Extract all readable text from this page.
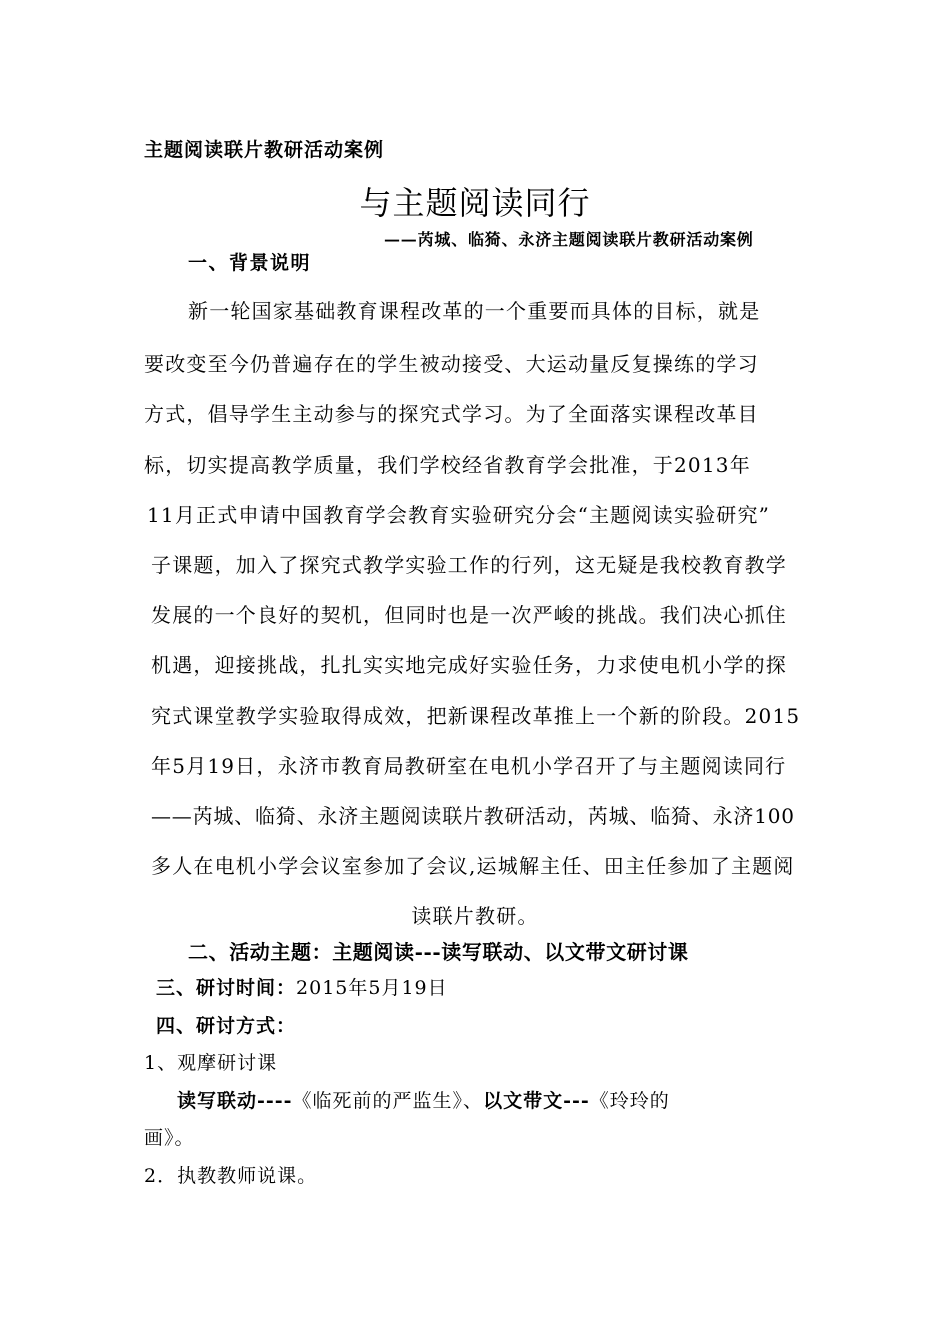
主题阅读联片教研活动案例
与主题阅读同行
——芮城、临猗、永济主题阅读联片教研活动案例
一、背景说明
新一轮国家基础教育课程改革的一个重要而具体的目标，就是
要改变至今仍普遍存在的学生被动接受、大运动量反复操练的学习
方式，倡导学生主动参与的探究式学习。为了全面落实课程改革目
标，切实提高教学质量，我们学校经省教育学会批准，于2013年
11月正式申请中国教育学会教育实验研究分会“主题阅读实验研究”
子课题，加入了探究式教学实验工作的行列，这无疑是我校教育教学
发展的一个良好的契机，但同时也是一次严峻的挑战。我们决心抓住
机遇，迎接挑战，扎扎实实地完成好实验任务，力求使电机小学的探
究式课堂教学实验取得成效，把新课程改革推上一个新的阶段。2015
年5月19日，永济市教育局教研室在电机小学召开了与主题阅读同行
——芮城、临猗、永济主题阅读联片教研活动，芮城、临猗、永济100
多人在电机小学会议室参加了会议,运城解主任、田主任参加了主题阅
读联片教研。
二、活动主题：主题阅读---读写联动、以文带文研讨课
三、研讨时间：2015年5月19日
四、研讨方式：
1、观摩研讨课
读写联动----《临死前的严监生》、以文带文---《玲玲的
画》。
2．执教教师说课。
